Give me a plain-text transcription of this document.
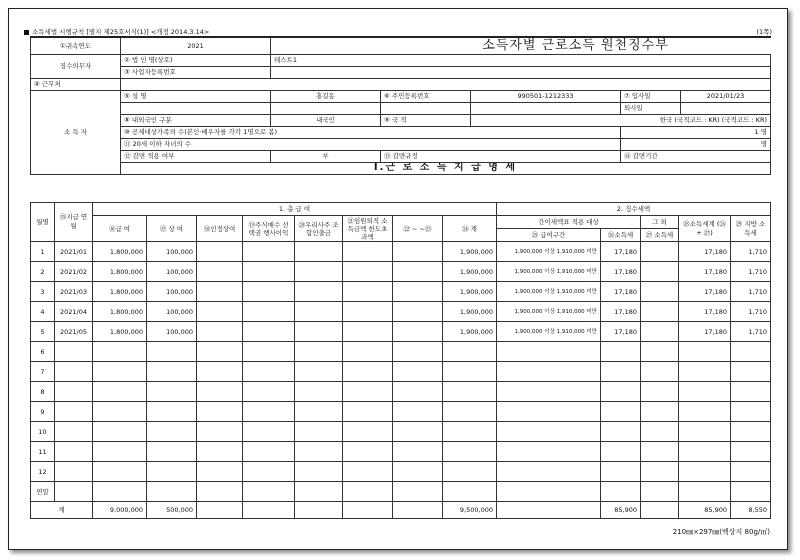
소득세법 시행규칙 [별지 제25호서식(1)] <개정 2014.3.14>	(1쪽)
①귀속연도	2021		소득자별 근로소득 원천징수부			
징수의무자	② 법 인 명(상호)	테스트1				
	③ 사업자등록번호					
④ 근무처						
소 득 자	⑤ 성 명	홍길동	⑥ 주민등록번호	990501-1212333	⑦ 입사일	2021/01/23
					퇴사일	
	⑧ 내외국인 구분	내국인	⑨ 국 적	한국 (국적코드 : KR) (국적코드 : KR)		
	⑩ 공제대상가족의 수(본인·배우자를 각각 1명으로 봄)				1 명	
	⑪ 20세 이하 자녀의 수				명	
	⑫ 감면 적용 여부	부	⑬ 감면규정		⑭ 감면기간	
	Ⅰ.근 로 소 득 지 급 명 세					
월별	⑮지급 연월	1. 총 급 여								2. 징수세액				
		⑯급 여	⑰ 상 여	⑱인정상여	⑲주식매수 선택권 행사이익	⑳우리사주 조합인출금	㉑임원퇴직 소득금액 한도초과액	㉒ ~ ~㉓	㉔ 계	간이세액표 적용 대상		그 외	㉘소득세계 (㉖ + ㉗)	㉙ 지방 소득세
										㉕ 급여구간	㉖소득세	㉗ 소득세		
1	2021/01	1,800,000	100,000						1,900,000	1,900,000 이상 1,910,000 미만	17,180		17,180	1,710
2	2021/02	1,800,000	100,000						1,900,000	1,900,000 이상 1,910,000 미만	17,180		17,180	1,710
3	2021/03	1,800,000	100,000						1,900,000	1,900,000 이상 1,910,000 미만	17,180		17,180	1,710
4	2021/04	1,800,000	100,000						1,900,000	1,900,000 이상 1,910,000 미만	17,180		17,180	1,710
5	2021/05	1,800,000	100,000						1,900,000	1,900,000 이상 1,910,000 미만	17,180		17,180	1,710
6														
7														
8														
9														
10														
11														
12														
연말														
계		9,000,000	500,000						9,500,000		85,900		85,900	8,550
210㎜×297㎜(백상지 80g/㎡)
